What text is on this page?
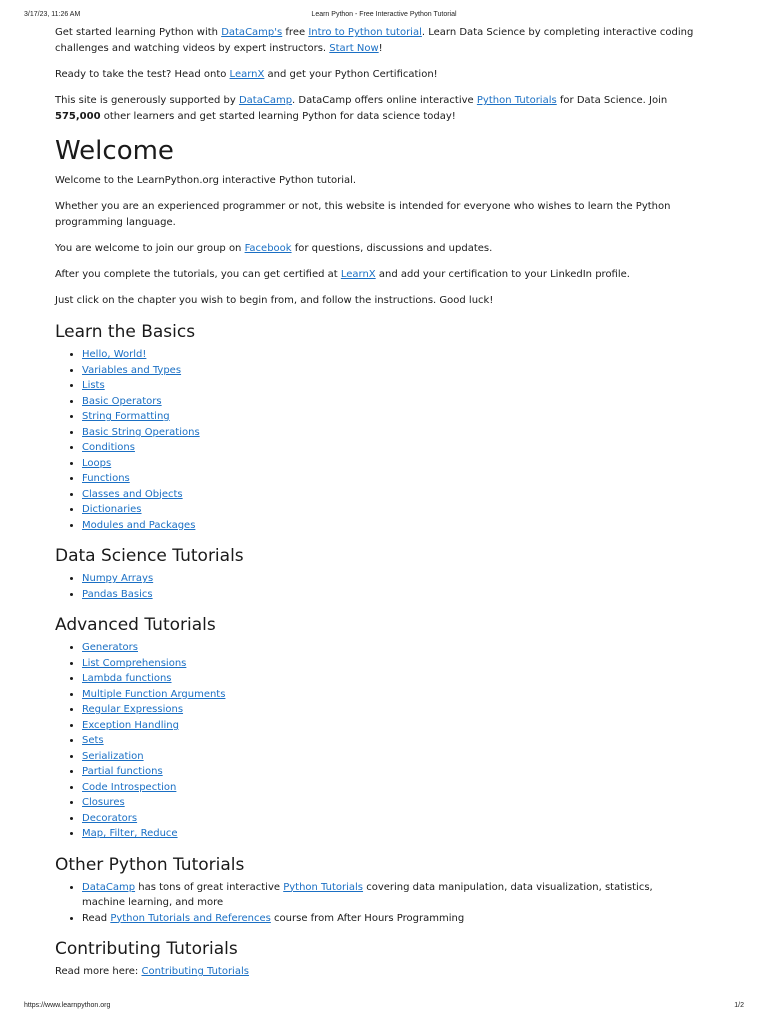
3/17/23, 11:26 AM	Learn Python - Free Interactive Python Tutorial

Get started learning Python with DataCamp's free Intro to Python tutorial. Learn Data Science by completing interactive coding challenges and watching videos by expert instructors. Start Now!

Ready to take the test? Head onto LearnX and get your Python Certification!

This site is generously supported by DataCamp. DataCamp offers online interactive Python Tutorials for Data Science. Join 575,000 other learners and get started learning Python for data science today!

Welcome

Welcome to the LearnPython.org interactive Python tutorial.

Whether you are an experienced programmer or not, this website is intended for everyone who wishes to learn the Python programming language.

You are welcome to join our group on Facebook for questions, discussions and updates.

After you complete the tutorials, you can get certified at LearnX and add your certification to your LinkedIn profile.

Just click on the chapter you wish to begin from, and follow the instructions. Good luck!

Learn the Basics
• Hello, World!
• Variables and Types
• Lists
• Basic Operators
• String Formatting
• Basic String Operations
• Conditions
• Loops
• Functions
• Classes and Objects
• Dictionaries
• Modules and Packages
Data Science Tutorials
• Numpy Arrays
• Pandas Basics
Advanced Tutorials
• Generators
• List Comprehensions
• Lambda functions
• Multiple Function Arguments
• Regular Expressions
• Exception Handling
• Sets
• Serialization
• Partial functions
• Code Introspection
• Closures
• Decorators
• Map, Filter, Reduce
Other Python Tutorials
• DataCamp has tons of great interactive Python Tutorials covering data manipulation, data visualization, statistics, machine learning, and more
• Read Python Tutorials and References course from After Hours Programming
Contributing Tutorials

Read more here: Contributing Tutorials

https://www.learnpython.org	1/2
